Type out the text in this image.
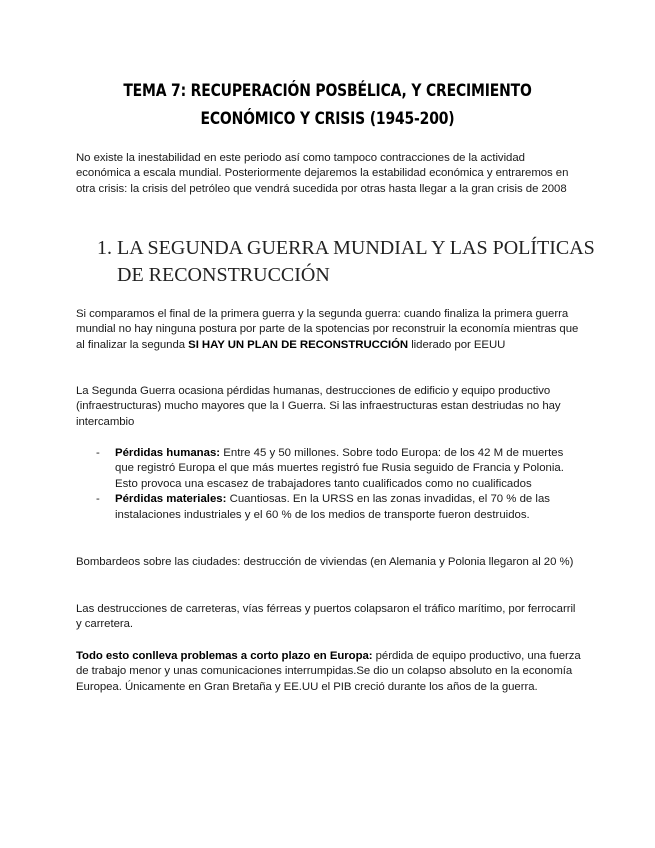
TEMA 7: RECUPERACIÓN POSBÉLICA, Y CRECIMIENTO
ECONÓMICO Y CRISIS (1945-200)
No existe la inestabilidad en este periodo así como tampoco contracciones de la actividad económica a escala mundial. Posteriormente dejaremos la estabilidad económica y entraremos en otra crisis: la crisis del petróleo que vendrá sucedida por otras hasta llegar a la gran crisis de 2008
1. LA SEGUNDA GUERRA MUNDIAL Y LAS POLÍTICAS
DE RECONSTRUCCIÓN
Si comparamos el final de la primera guerra y la segunda guerra: cuando finaliza la primera guerra mundial no hay ninguna postura por parte de la spotencias por reconstruir la economía mientras que al finalizar la segunda SI HAY UN PLAN DE RECONSTRUCCIÓN liderado por EEUU
La Segunda Guerra ocasiona pérdidas humanas, destrucciones de edificio y equipo productivo (infraestructuras) mucho mayores que la I Guerra. Si las infraestructuras estan destriudas no hay intercambio
- Pérdidas humanas: Entre 45 y 50 millones. Sobre todo Europa: de los 42 M de muertes que registró Europa el que más muertes registró fue Rusia seguido de Francia y Polonia. Esto provoca una escasez de trabajadores tanto cualificados como no cualificados
- Pérdidas materiales: Cuantiosas. En la URSS en las zonas invadidas, el 70 % de las instalaciones industriales y el 60 % de los medios de transporte fueron destruidos.
Bombardeos sobre las ciudades: destrucción de viviendas (en Alemania y Polonia llegaron al 20 %)
Las destrucciones de carreteras, vías férreas y puertos colapsaron el tráfico marítimo, por ferrocarril y carretera.
Todo esto conlleva problemas a corto plazo en Europa: pérdida de equipo productivo, una fuerza de trabajo menor y unas comunicaciones interrumpidas.Se dio un colapso absoluto en la economía Europea. Únicamente en Gran Bretaña y EE.UU el PIB creció durante los años de la guerra.
